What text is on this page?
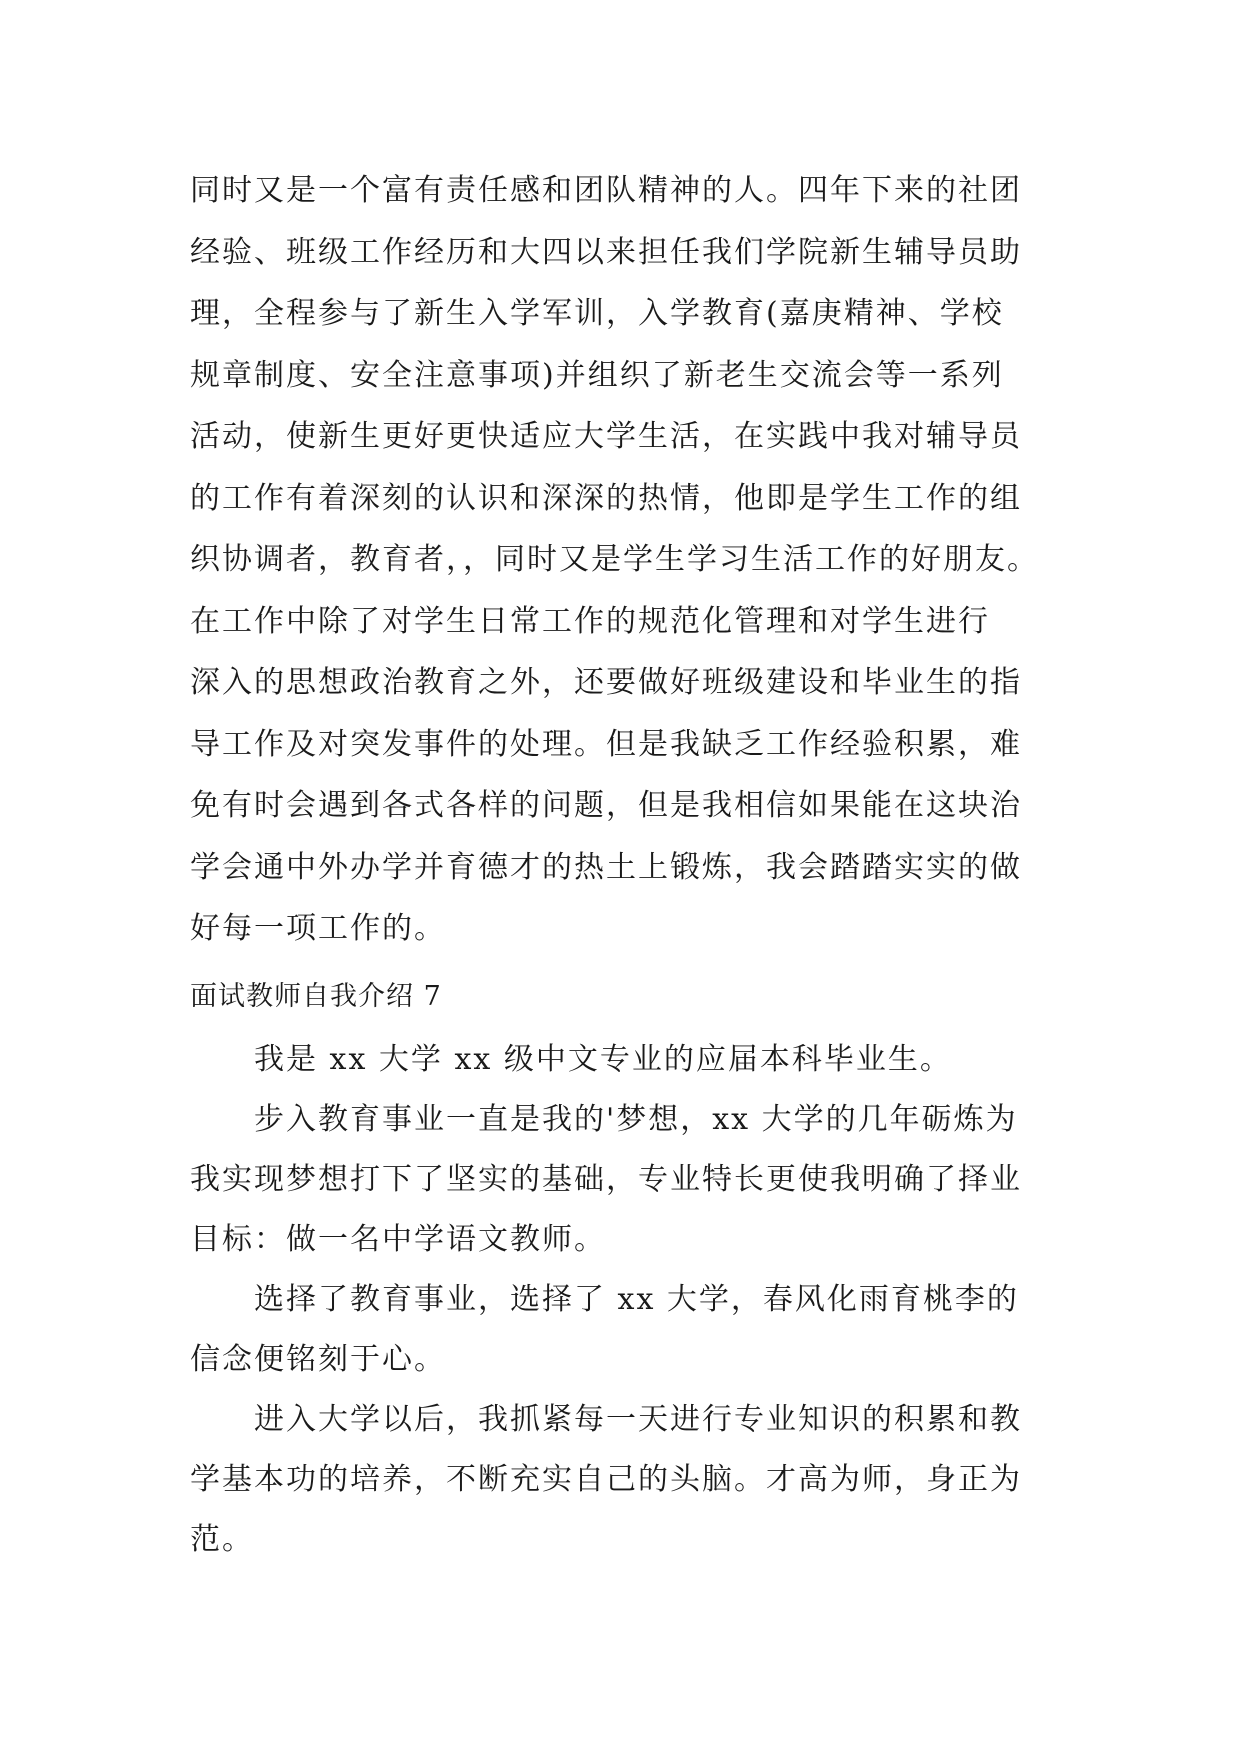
同时又是一个富有责任感和团队精神的人。四年下来的社团
经验、班级工作经历和大四以来担任我们学院新生辅导员助
理，全程参与了新生入学军训，入学教育(嘉庚精神、学校
规章制度、安全注意事项)并组织了新老生交流会等一系列
活动，使新生更好更快适应大学生活，在实践中我对辅导员
的工作有着深刻的认识和深深的热情，他即是学生工作的组
织协调者，教育者，，同时又是学生学习生活工作的好朋友。
在工作中除了对学生日常工作的规范化管理和对学生进行
深入的思想政治教育之外，还要做好班级建设和毕业生的指
导工作及对突发事件的处理。但是我缺乏工作经验积累，难
免有时会遇到各式各样的问题，但是我相信如果能在这块治
学会通中外办学并育德才的热土上锻炼，我会踏踏实实的做
好每一项工作的。
面试教师自我介绍 7
我是 xx 大学 xx 级中文专业的应届本科毕业生。
步入教育事业一直是我的'梦想，xx 大学的几年砺炼为
我实现梦想打下了坚实的基础，专业特长更使我明确了择业
目标：做一名中学语文教师。
选择了教育事业，选择了 xx 大学，春风化雨育桃李的
信念便铭刻于心。
进入大学以后，我抓紧每一天进行专业知识的积累和教
学基本功的培养，不断充实自己的头脑。才高为师，身正为
范。
